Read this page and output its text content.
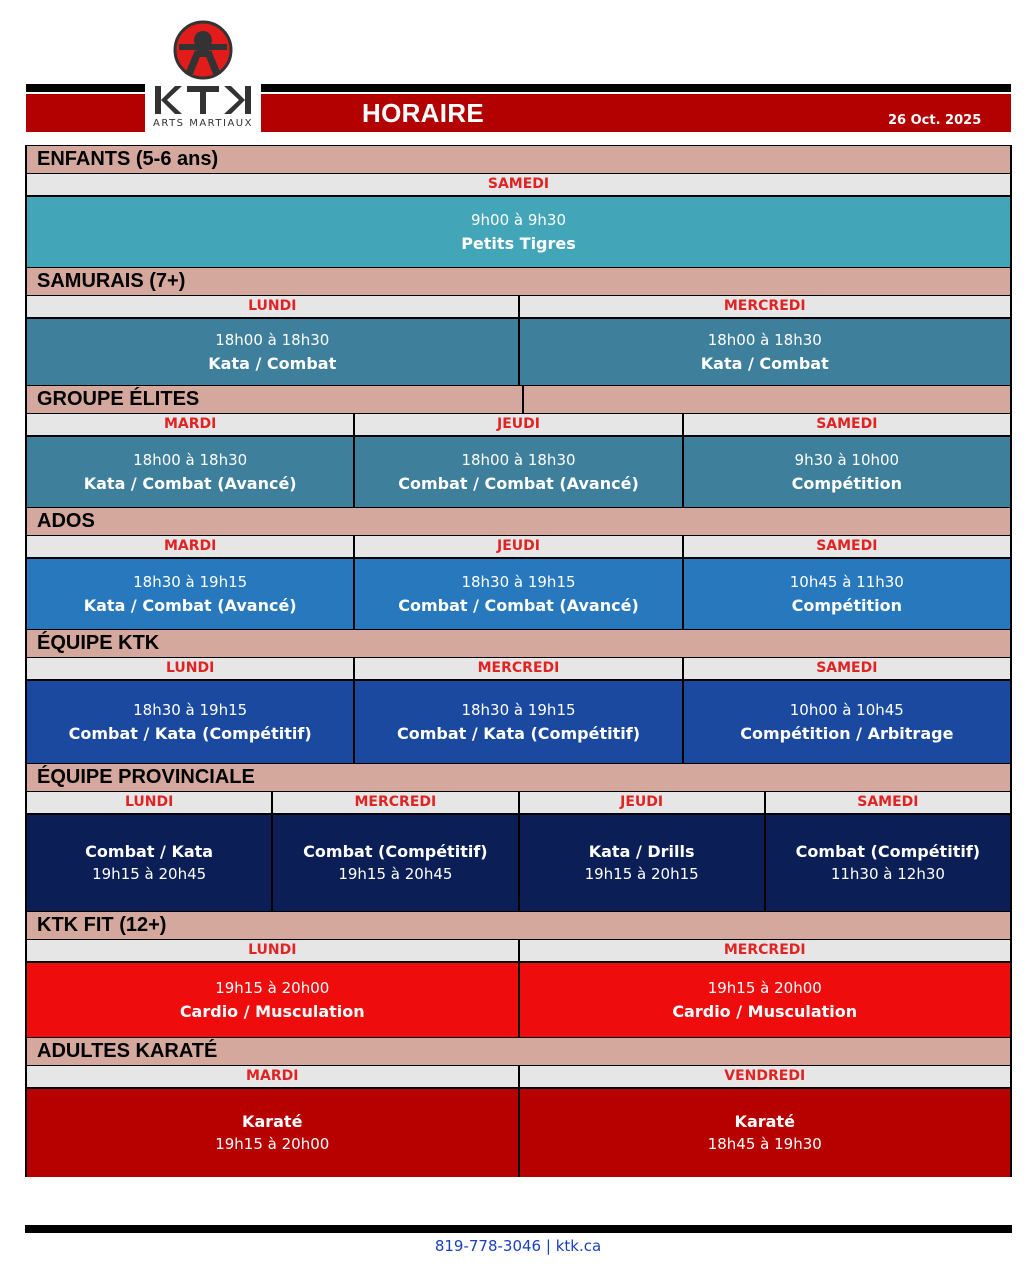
ARTS MARTIAUX	HORAIRE	26 Oct. 2025
ENFANTS (5-6 ans)
SAMEDI
9h00 à 9h30
Petits Tigres
SAMURAIS (7+)
LUNDI	MERCREDI
18h00 à 18h30
Kata / Combat
18h00 à 18h30
Kata / Combat
GROUPE ÉLITES
MARDI	JEUDI	SAMEDI
18h00 à 18h30
Kata / Combat (Avancé)
18h00 à 18h30
Combat / Combat (Avancé)
9h30 à 10h00
Compétition
ADOS
MARDI	JEUDI	SAMEDI
18h30 à 19h15
Kata / Combat (Avancé)
18h30 à 19h15
Combat / Combat (Avancé)
10h45 à 11h30
Compétition
ÉQUIPE KTK
LUNDI	MERCREDI	SAMEDI
18h30 à 19h15
Combat / Kata (Compétitif)
18h30 à 19h15
Combat / Kata (Compétitif)
10h00 à 10h45
Compétition / Arbitrage
ÉQUIPE PROVINCIALE
LUNDI	MERCREDI	JEUDI	SAMEDI
Combat / Kata
19h15 à 20h45
Combat (Compétitif)
19h15 à 20h45
Kata / Drills
19h15 à 20h15
Combat (Compétitif)
11h30 à 12h30
KTK FIT (12+)
LUNDI	MERCREDI
19h15 à 20h00
Cardio / Musculation
19h15 à 20h00
Cardio / Musculation
ADULTES KARATÉ
MARDI	VENDREDI
Karaté
19h15 à 20h00
Karaté
18h45 à 19h30
819-778-3046 | ktk.ca
